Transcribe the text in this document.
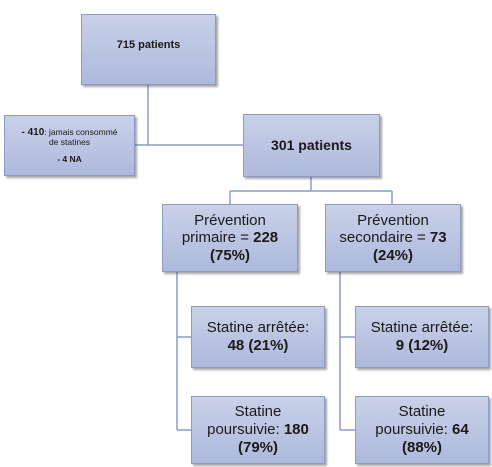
715 patients
- 410: jamais consommé
de statines
- 4 NA
301 patients
Prévention
primaire = 228
(75%)
Prévention
secondaire = 73
(24%)
Statine arrêtée:
48 (21%)
Statine
poursuivie: 180
(79%)
Statine arrêtée:
9 (12%)
Statine
poursuivie: 64
(88%)
